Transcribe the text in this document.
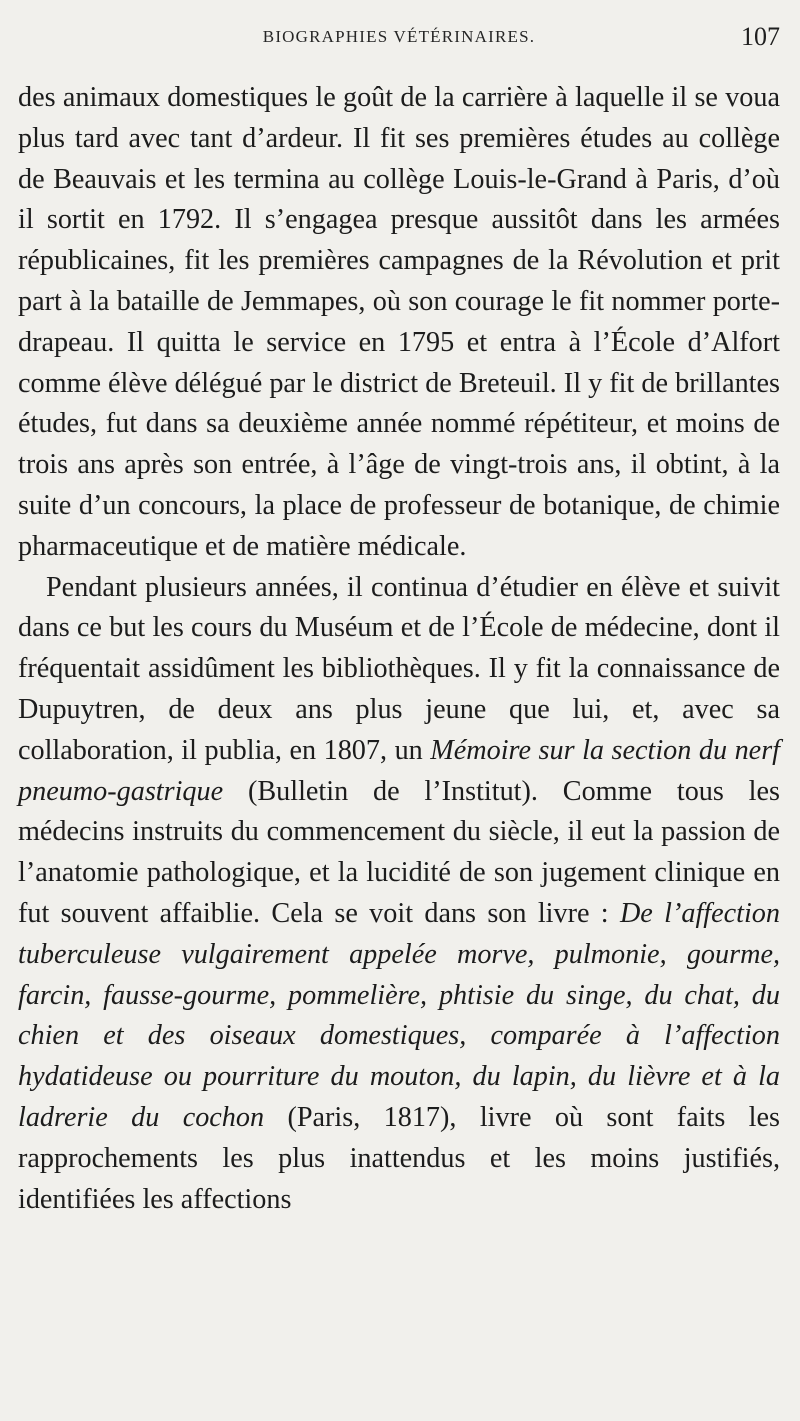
BIOGRAPHIES VÉTÉRINAIRES.	107

des animaux domestiques le goût de la carrière à laquelle il se voua plus tard avec tant d’ardeur. Il fit ses premières études au collège de Beauvais et les termina au collège Louis-le-Grand à Paris, d’où il sortit en 1792. Il s’engagea presque aussitôt dans les armées républicaines, fit les premières campagnes de la Révolution et prit part à la bataille de Jemmapes, où son courage le fit nommer porte-drapeau. Il quitta le service en 1795 et entra à l’École d’Alfort comme élève délégué par le district de Breteuil. Il y fit de brillantes études, fut dans sa deuxième année nommé répétiteur, et moins de trois ans après son entrée, à l’âge de vingt-trois ans, il obtint, à la suite d’un concours, la place de professeur de botanique, de chimie pharmaceutique et de matière médicale.

Pendant plusieurs années, il continua d’étudier en élève et suivit dans ce but les cours du Muséum et de l’École de médecine, dont il fréquentait assidûment les bibliothèques. Il y fit la connaissance de Dupuytren, de deux ans plus jeune que lui, et, avec sa collaboration, il publia, en 1807, un Mémoire sur la section du nerf pneumo-gastrique (Bulletin de l’Institut). Comme tous les médecins instruits du commencement du siècle, il eut la passion de l’anatomie pathologique, et la lucidité de son jugement clinique en fut souvent affaiblie. Cela se voit dans son livre : De l’affection tuberculeuse vulgairement appelée morve, pulmonie, gourme, farcin, fausse-gourme, pommelière, phtisie du singe, du chat, du chien et des oiseaux domestiques, comparée à l’affection hydatideuse ou pourriture du mouton, du lapin, du lièvre et à la ladrerie du cochon (Paris, 1817), livre où sont faits les rapprochements les plus inattendus et les moins justifiés, identifiées les affections
